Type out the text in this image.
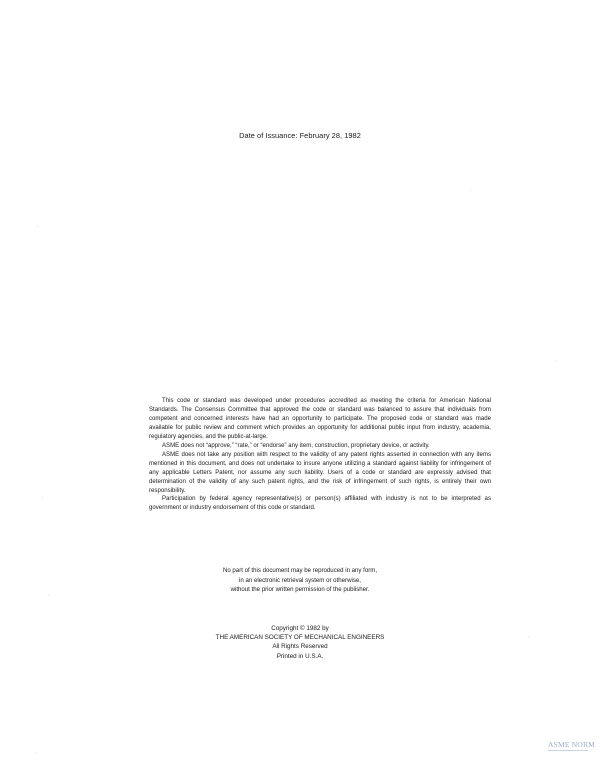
Date of Issuance: February 28, 1982

This code or standard was developed under procedures accredited as meeting the criteria for American National Standards. The Consensus Committee that approved the code or standard was balanced to assure that individuals from competent and concerned interests have had an opportunity to participate. The proposed code or standard was made available for public review and comment which provides an opportunity for additional public input from industry, academia, regulatory agencies, and the public-at-large.

ASME does not “approve,” “rate,” or “endorse” any item, construction, proprietary device, or activity.

ASME does not take any position with respect to the validity of any patent rights asserted in connection with any items mentioned in this document, and does not undertake to insure anyone utilizing a standard against liability for infringement of any applicable Letters Patent, nor assume any such liability. Users of a code or standard are expressly advised that determination of the validity of any such patent rights, and the risk of infringement of such rights, is entirely their own responsibility.

Participation by federal agency representative(s) or person(s) affiliated with industry is not to be interpreted as government or industry endorsement of this code or standard.

No part of this document may be reproduced in any form,
in an electronic retrieval system or otherwise,
without the prior written permission of the publisher.
Copyright © 1982 by
THE AMERICAN SOCIETY OF MECHANICAL ENGINEERS
All Rights Reserved
Printed in U.S.A.
ASME NORM
